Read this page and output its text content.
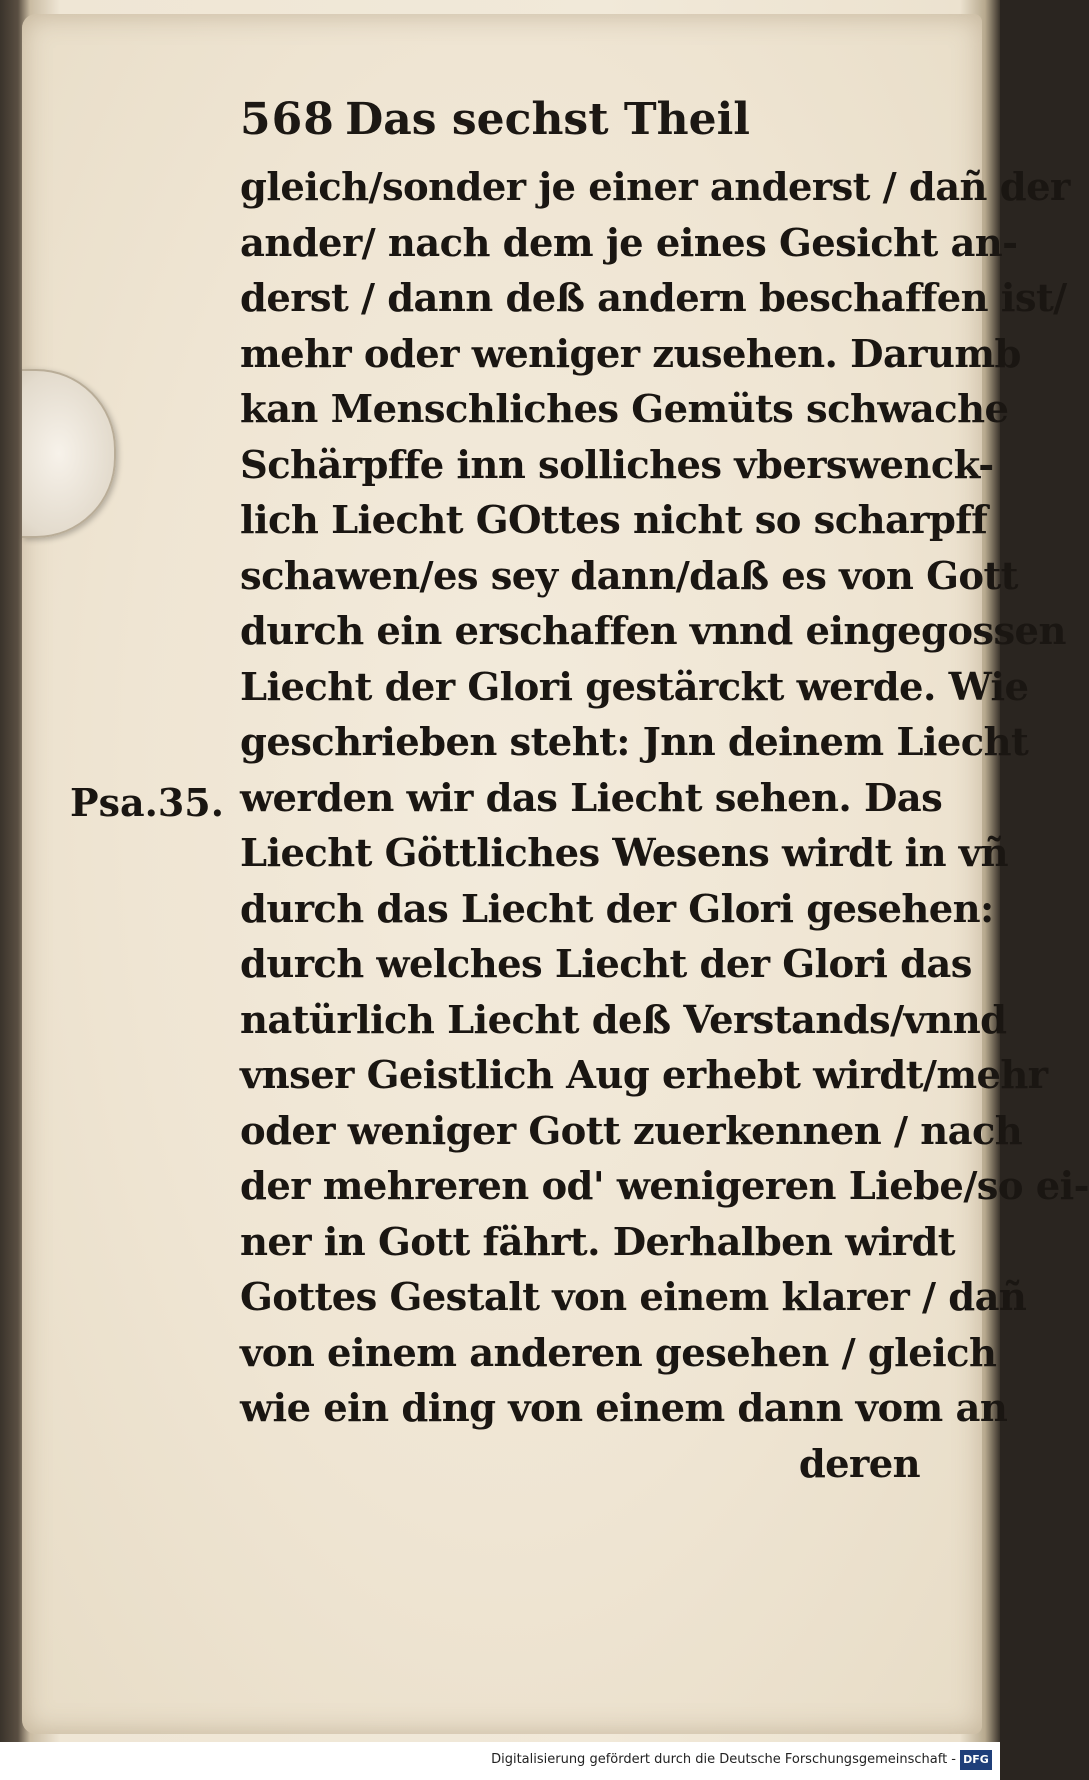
568 Das sechst Theil
Psa.35.
gleich/sonder je einer anderst / dañ der
ander/ nach dem je eines Gesicht an-
derst / dann deß andern beschaffen ist/
mehr oder weniger zusehen. Darumb
kan Menschliches Gemüts schwache
Schärpffe inn solliches vberswenck-
lich Liecht GOttes nicht so scharpff
schawen/es sey dann/daß es von Gott
durch ein erschaffen vnnd eingegossen
Liecht der Glori gestärckt werde. Wie
geschrieben steht: Jnn deinem Liecht
werden wir das Liecht sehen. Das
Liecht Göttliches Wesens wirdt in vñ
durch das Liecht der Glori gesehen:
durch welches Liecht der Glori das
natürlich Liecht deß Verstands/vnnd
vnser Geistlich Aug erhebt wirdt/mehr
oder weniger Gott zuerkennen / nach
der mehreren od' wenigeren Liebe/so ei-
ner in Gott fährt. Derhalben wirdt
Gottes Gestalt von einem klarer / dañ
von einem anderen gesehen / gleich
wie ein ding von einem dann vom an
deren
Digitalisierung gefördert durch die Deutsche Forschungsgemeinschaft - DFG
